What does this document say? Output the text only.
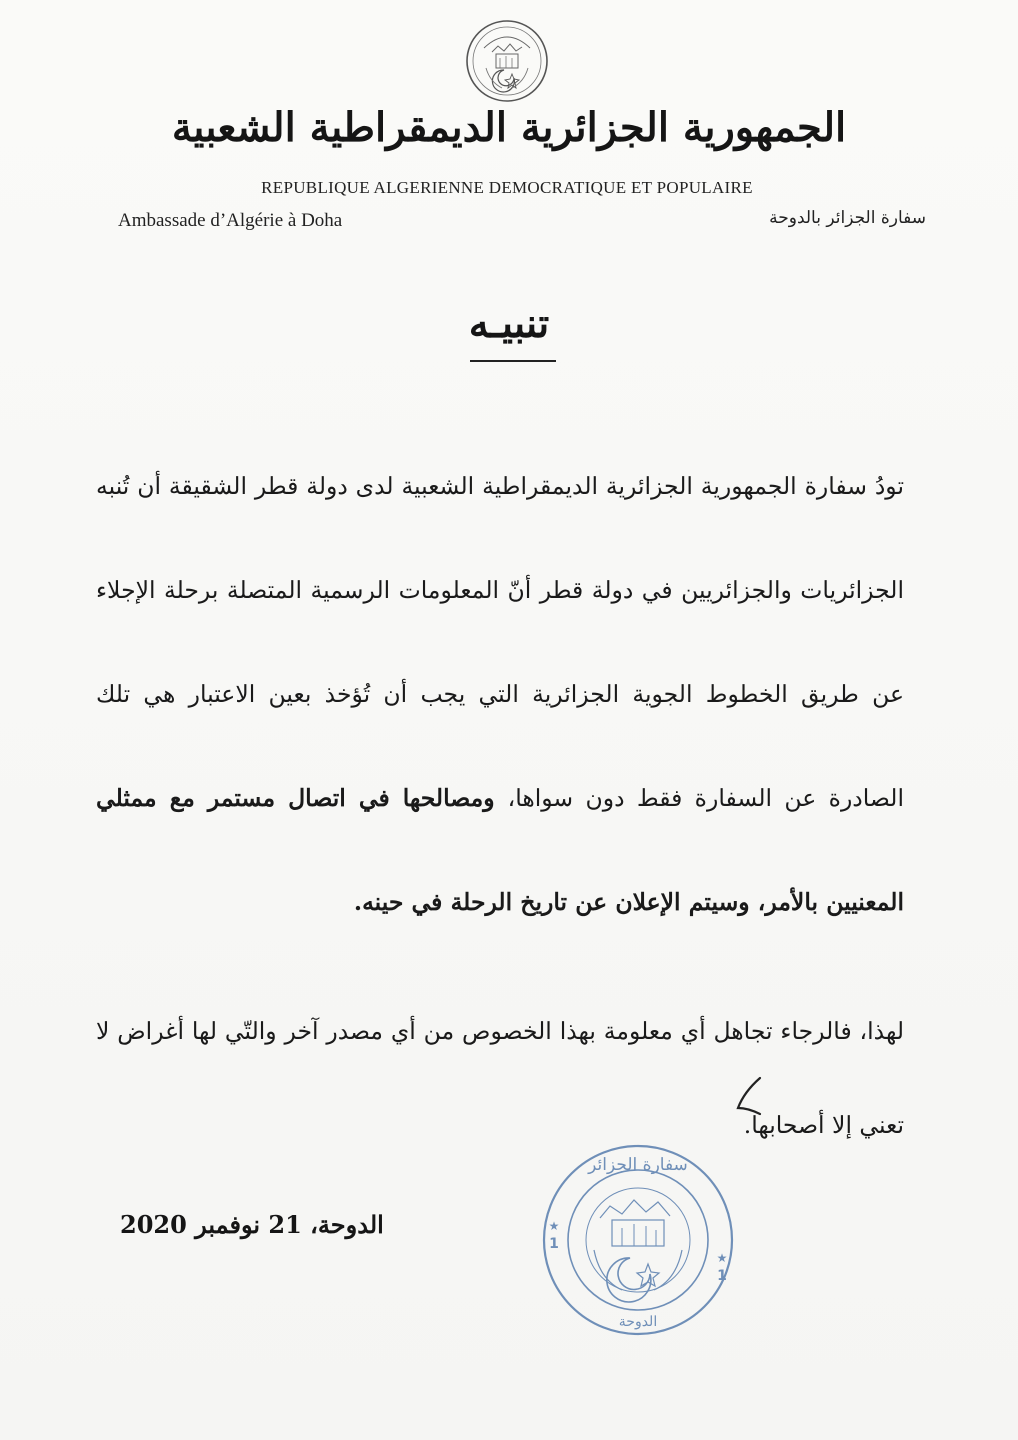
الجمهورية الجزائرية الديمقراطية الشعبية
REPUBLIQUE ALGERIENNE DEMOCRATIQUE ET POPULAIRE
Ambassade d’Algérie à Doha	سفارة الجزائر بالدوحة
تنبيـه
تودُ سفارة الجمهورية الجزائرية الديمقراطية الشعبية لدى دولة قطر الشقيقة أن تُنبه الجزائريات والجزائريين في دولة قطر أنّ المعلومات الرسمية المتصلة برحلة الإجلاء عن طريق الخطوط الجوية الجزائرية التي يجب أن تُؤخذ بعين الاعتبار هي تلك الصادرة عن السفارة فقط دون سواها، ومصالحها في اتصال مستمر مع ممثلي المعنيين بالأمر، وسيتم الإعلان عن تاريخ الرحلة في حينه.
لهذا، فالرجاء تجاهل أي معلومة بهذا الخصوص من أي مصدر آخر والتّي لها أغراض لا تعني إلا أصحابها.
الدوحة، 21 نوفمبر 2020
سفارة الجزائر
الدوحة
1
1
★
★
